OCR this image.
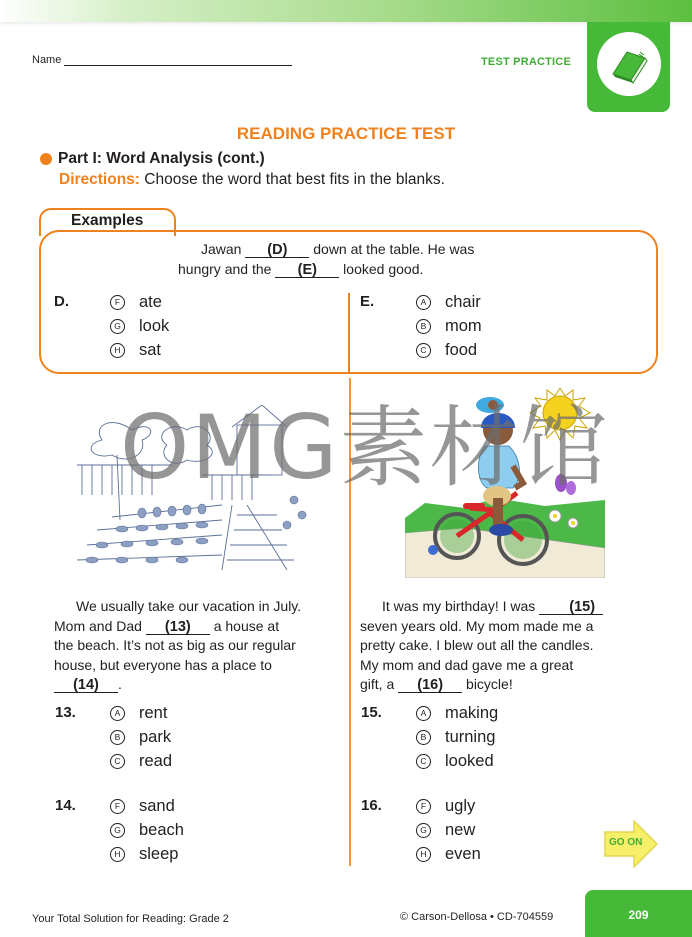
Name	TEST PRACTICE
READING PRACTICE TEST
Part I: Word Analysis (cont.)
Directions: Choose the word that best fits in the blanks.
Examples
Jawan (D) down at the table. He was
hungry and the (E) looked good.
D.	F ate
G look
H sat
E.	A chair
B mom
C food
OMG素材馆

We usually take our vacation in July.

Mom and Dad (13) a house at

the beach. It’s not as big as our regular

house, but everyone has a place to

(14) .

It was my birthday! I was (15)

seven years old. My mom made me a

pretty cake. I blew out all the candles.

My mom and dad gave me a great

gift, a (16) bicycle!

13.	A rent
B park
C read
14.	F sand
G beach
H sleep
15.	A making
B turning
C looked
16.	F ugly
G new
H even
GO ON
Your Total Solution for Reading: Grade 2	© Carson-Dellosa • CD-704559	209
